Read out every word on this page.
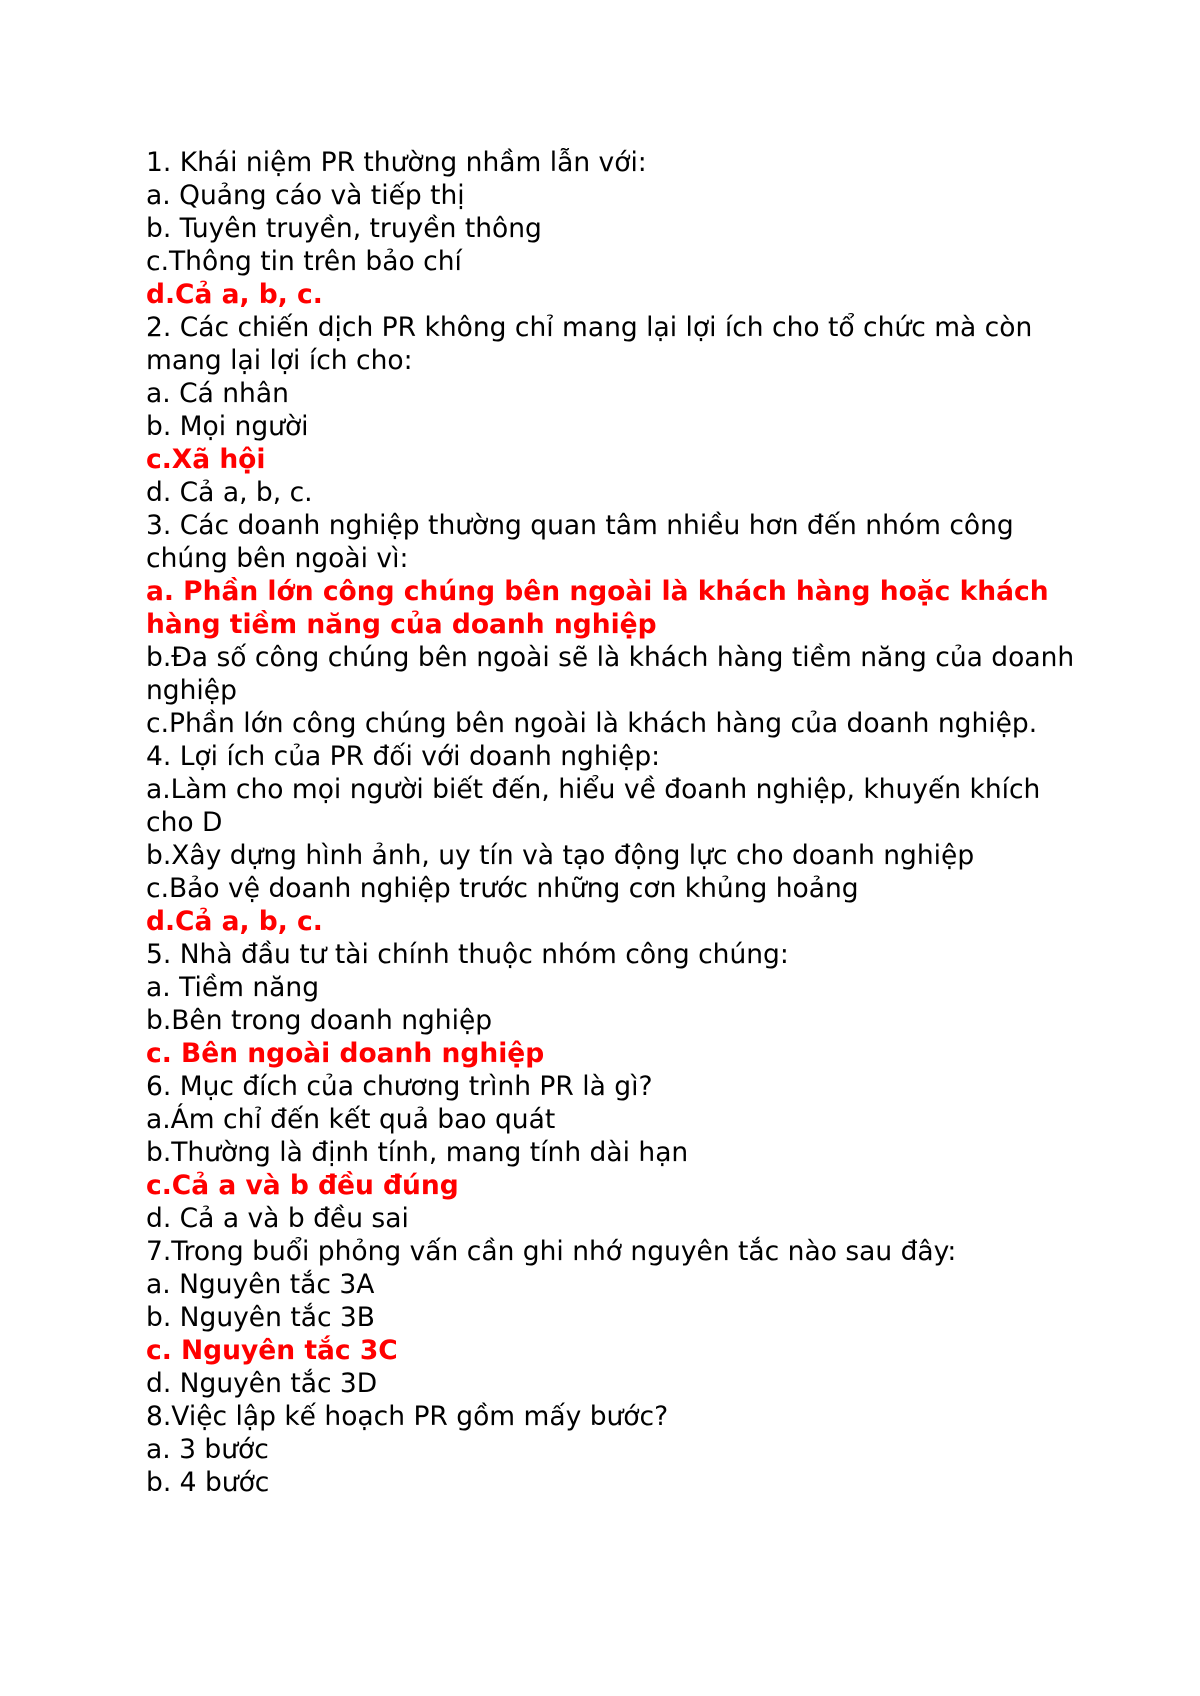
1. Khái niệm PR thường nhầm lẫn với:

a. Quảng cáo và tiếp thị

b. Tuyên truyền, truyền thông

c.Thông tin trên bảo chí

d.Cả a, b, c.

2. Các chiến dịch PR không chỉ mang lại lợi ích cho tổ chức mà còn mang lại lợi ích cho:

a. Cá nhân

b. Mọi người

c.Xã hội

d. Cả a, b, c.

3. Các doanh nghiệp thường quan tâm nhiều hơn đến nhóm công chúng bên ngoài vì:

a. Phần lớn công chúng bên ngoài là khách hàng hoặc khách hàng tiềm năng của doanh nghiệp

b.Đa số công chúng bên ngoài sẽ là khách hàng tiềm năng của doanh nghiệp

c.Phần lớn công chúng bên ngoài là khách hàng của doanh nghiệp.

4. Lợi ích của PR đối với doanh nghiệp:

a.Làm cho mọi người biết đến, hiểu về đoanh nghiệp, khuyến khích cho D

b.Xây dựng hình ảnh, uy tín và tạo động lực cho doanh nghiệp

c.Bảo vệ doanh nghiệp trước những cơn khủng hoảng

d.Cả a, b, c.

5. Nhà đầu tư tài chính thuộc nhóm công chúng:

a. Tiềm năng

b.Bên trong doanh nghiệp

c. Bên ngoài doanh nghiệp

6. Mục đích của chương trình PR là gì?

a.Ám chỉ đến kết quả bao quát

b.Thường là định tính, mang tính dài hạn

c.Cả a và b đều đúng

d. Cả a và b đều sai

7.Trong buổi phỏng vấn cần ghi nhớ nguyên tắc nào sau đây:

a. Nguyên tắc 3A

b. Nguyên tắc 3B

c. Nguyên tắc 3C

d. Nguyên tắc 3D

8.Việc lập kế hoạch PR gồm mấy bước?

a. 3 bước

b. 4 bước
